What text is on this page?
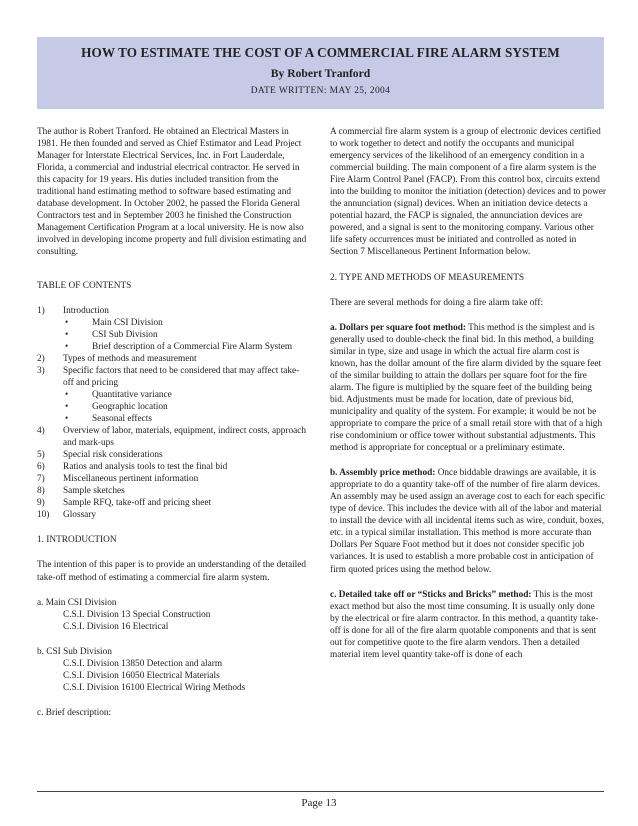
HOW TO ESTIMATE THE COST OF A COMMERCIAL FIRE ALARM SYSTEM
By Robert Tranford
DATE WRITTEN: MAY 25, 2004

The author is Robert Tranford. He obtained an Electrical Masters in 1981. He then founded and served as Chief Estimator and Lead Project Manager for Interstate Electrical Services, Inc. in Fort Lauderdale, Florida, a commercial and industrial electrical contractor. He served in this capacity for 19 years. His duties included transition from the traditional hand estimating method to software based estimating and database development. In October 2002, he passed the Florida General Contractors test and in September 2003 he finished the Construction Management Certification Program at a local university. He is now also involved in developing income property and full division estimating and consulting.

TABLE OF CONTENTS

1)	Introduction
•	Main CSI Division
•	CSI Sub Division
•	Brief description of a Commercial Fire Alarm System
2)	Types of methods and measurement
3)	Specific factors that need to be considered that may affect take-off and pricing
•	Quantitative variance
•	Geographic location
•	Seasonal effects
4)	Overview of labor, materials, equipment, indirect costs, approach and mark-ups
5)	Special risk considerations
6)	Ratios and analysis tools to test the final bid
7)	Miscellaneous pertinent information
8)	Sample sketches
9)	Sample RFQ, take-off and pricing sheet
10)	Glossary

1. INTRODUCTION

The intention of this paper is to provide an understanding of the detailed take-off method of estimating a commercial fire alarm system.

a. Main CSI Division

C.S.I. Division 13 Special Construction

C.S.I. Division 16 Electrical

b. CSI Sub Division

C.S.I. Division 13850 Detection and alarm

C.S.I. Division 16050 Electrical Materials

C.S.I. Division 16100 Electrical Wiring Methods

c. Brief description:

A commercial fire alarm system is a group of electronic devices certified to work together to detect and notify the occupants and municipal emergency services of the likelihood of an emergency condition in a commercial building. The main component of a fire alarm system is the Fire Alarm Control Panel (FACP). From this control box, circuits extend into the building to monitor the initiation (detection) devices and to power the annunciation (signal) devices. When an initiation device detects a potential hazard, the FACP is signaled, the annunciation devices are powered, and a signal is sent to the monitoring company. Various other life safety occurrences must be initiated and controlled as noted in Section 7 Miscellaneous Pertinent Information below.

2. TYPE AND METHODS OF MEASUREMENTS

There are several methods for doing a fire alarm take off:

a. Dollars per square foot method: This method is the simplest and is generally used to double-check the final bid. In this method, a building similar in type, size and usage in which the actual fire alarm cost is known, has the dollar amount of the fire alarm divided by the square feet of the similar building to attain the dollars per square foot for the fire alarm. The figure is multiplied by the square feet of the building being bid. Adjustments must be made for location, date of previous bid, municipality and quality of the system. For example; it would be not be appropriate to compare the price of a small retail store with that of a high rise condominium or office tower without substantial adjustments. This method is appropriate for conceptual or a preliminary estimate.

b. Assembly price method: Once biddable drawings are available, it is appropriate to do a quantity take-off of the number of fire alarm devices. An assembly may be used assign an average cost to each for each specific type of device. This includes the device with all of the labor and material to install the device with all incidental items such as wire, conduit, boxes, etc. in a typical similar installation. This method is more accurate than Dollars Per Square Foot method but it does not consider specific job variances. It is used to establish a more probable cost in anticipation of firm quoted prices using the method below.

c. Detailed take off or “Sticks and Bricks” method: This is the most exact method but also the most time consuming. It is usually only done by the electrical or fire alarm contractor. In this method, a quantity take-off is done for all of the fire alarm quotable components and that is sent out for competitive quote to the fire alarm vendors. Then a detailed material item level quantity take-off is done of each

Page 13
